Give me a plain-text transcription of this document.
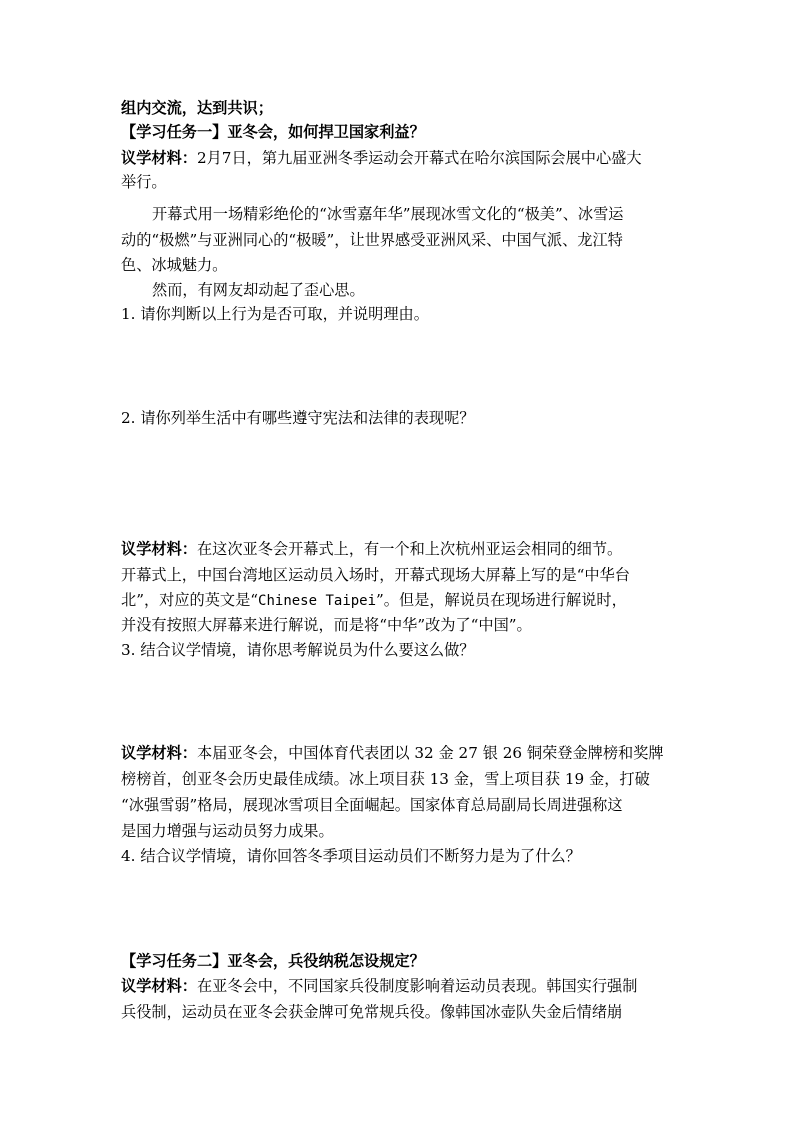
组内交流，达到共识；
【学习任务一】亚冬会，如何捍卫国家利益？
议学材料：2月7日，第九届亚洲冬季运动会开幕式在哈尔滨国际会展中心盛大
举行。
开幕式用一场精彩绝伦的“冰雪嘉年华”展现冰雪文化的“极美”、冰雪运
动的“极燃”与亚洲同心的“极暖”，让世界感受亚洲风采、中国气派、龙江特
色、冰城魅力。
然而，有网友却动起了歪心思。
1. 请你判断以上行为是否可取，并说明理由。
2. 请你列举生活中有哪些遵守宪法和法律的表现呢？
议学材料：在这次亚冬会开幕式上，有一个和上次杭州亚运会相同的细节。
开幕式上，中国台湾地区运动员入场时，开幕式现场大屏幕上写的是“中华台
北”，对应的英文是“Chinese Taipei”。但是，解说员在现场进行解说时，
并没有按照大屏幕来进行解说，而是将“中华”改为了“中国”。
3. 结合议学情境，请你思考解说员为什么要这么做？
议学材料：本届亚冬会，中国体育代表团以 32 金 27 银 26 铜荣登金牌榜和奖牌
榜榜首，创亚冬会历史最佳成绩。冰上项目获 13 金，雪上项目获 19 金，打破
“冰强雪弱”格局，展现冰雪项目全面崛起。国家体育总局副局长周进强称这
是国力增强与运动员努力成果。
4. 结合议学情境，请你回答冬季项目运动员们不断努力是为了什么？
【学习任务二】亚冬会，兵役纳税怎设规定？
议学材料：在亚冬会中，不同国家兵役制度影响着运动员表现。韩国实行强制
兵役制，运动员在亚冬会获金牌可免常规兵役。像韩国冰壶队失金后情绪崩
